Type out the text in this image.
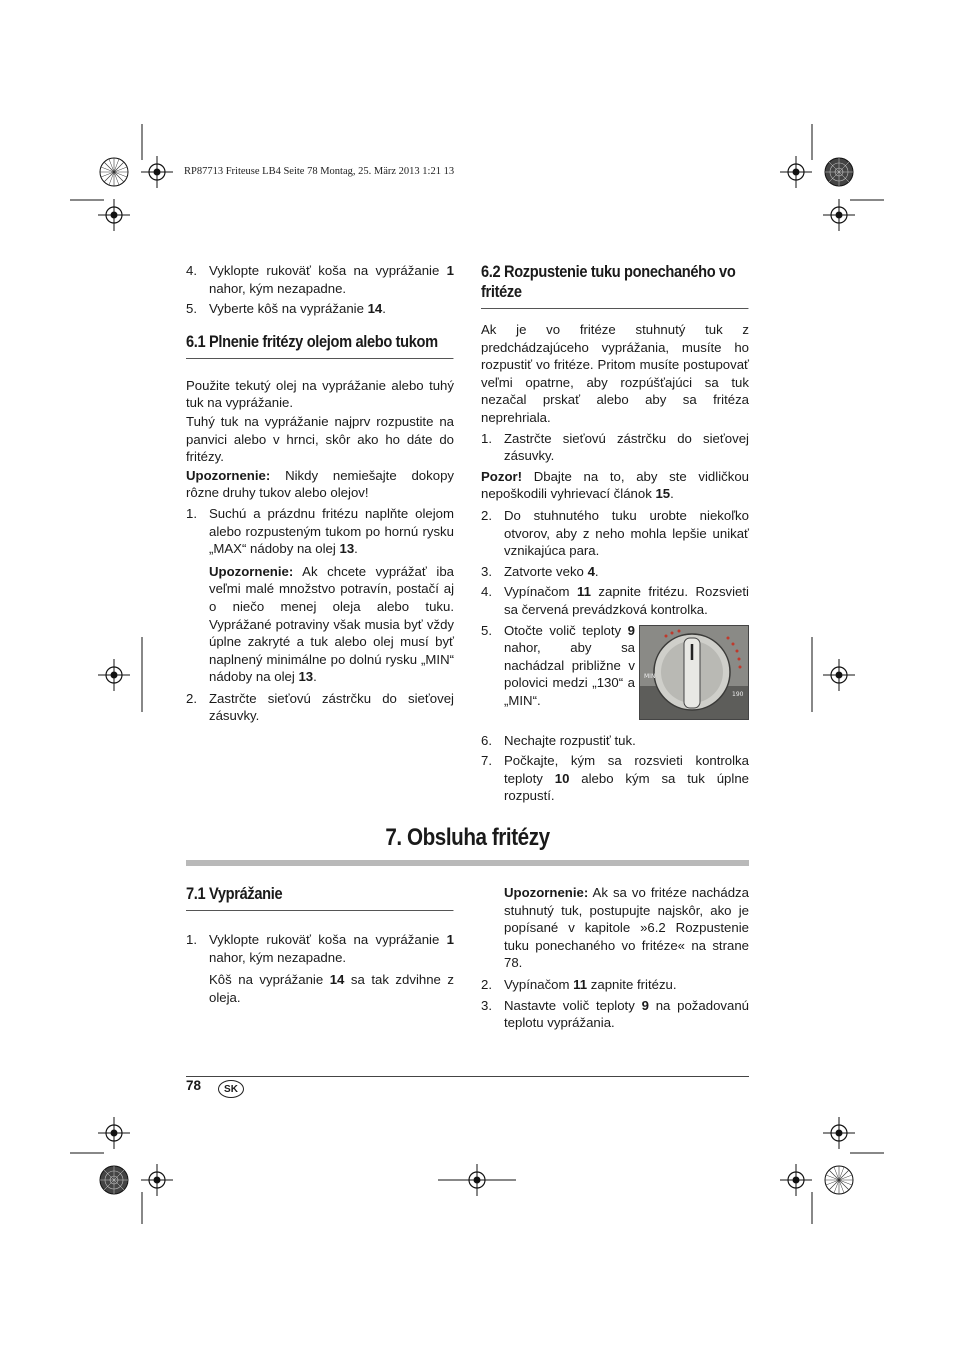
RP87713 Friteuse LB4 Seite 78 Montag, 25. März 2013 1:21 13
4. Vyklopte rukoväť koša na vyprážanie 1 nahor, kým nezapadne.
5. Vyberte kôš na vyprážanie 14.
6.1 Plnenie fritézy olejom alebo tukom

Použite tekutý olej na vyprážanie alebo tuhý tuk na vyprážanie.

Tuhý tuk na vyprážanie najprv rozpustite na panvici alebo v hrnci, skôr ako ho dáte do fritézy.

Upozornenie: Nikdy nemiešajte dokopy rôzne druhy tukov alebo olejov!

1. Suchú a prázdnu fritézu naplňte olejom alebo rozpusteným tukom po hornú rysku „MAX“ nádoby na olej 13.

Upozornenie: Ak chcete vyprážať iba veľmi malé množstvo potravín, postačí aj o niečo menej oleja alebo tuku. Vyprážané potraviny však musia byť vždy úplne zakryté a tuk alebo olej musí byť naplnený minimálne po dolnú rysku „MIN“ nádoby na olej 13.

2. Zastrčte sieťovú zástrčku do sieťovej zásuvky.
6.2 Rozpustenie tuku ponechaného vo fritéze

Ak je vo fritéze stuhnutý tuk z predchádzajúceho vyprážania, musíte ho rozpustiť vo fritéze. Pritom musíte postupovať veľmi opatrne, aby rozpúšťajúci sa tuk nezačal prskať alebo aby sa fritéza neprehriala.

1. Zastrčte sieťovú zástrčku do sieťovej zásuvky.

Pozor! Dbajte na to, aby ste vidličkou nepoškodili vyhrievací článok 15.

2. Do stuhnutého tuku urobte niekoľko otvorov, aby z neho mohla lepšie unikať vznikajúca para.
3. Zatvorte veko 4.
4. Vypínačom 11 zapnite fritézu. Rozsvieti sa červená prevádzková kontrolka.
5. Otočte volič teploty 9 nahor, aby sa nachádzal približne v polovici medzi „130“ a „MIN“.
MIN
190
6. Nechajte rozpustiť tuk.
7. Počkajte, kým sa rozsvieti kontrolka teploty 10 alebo kým sa tuk úplne rozpustí.
7. Obsluha fritézy
7.1 Vyprážanie
1. Vyklopte rukoväť koša na vyprážanie 1 nahor, kým nezapadne.

Kôš na vyprážanie 14 sa tak zdvihne z oleja.

Upozornenie: Ak sa vo fritéze nachádza stuhnutý tuk, postupujte najskôr, ako je popísané v kapitole »6.2 Rozpustenie tuku ponechaného vo fritéze« na strane 78.

2. Vypínačom 11 zapnite fritézu.
3. Nastavte volič teploty 9 na požadovanú teplotu vyprážania.
78	SK
